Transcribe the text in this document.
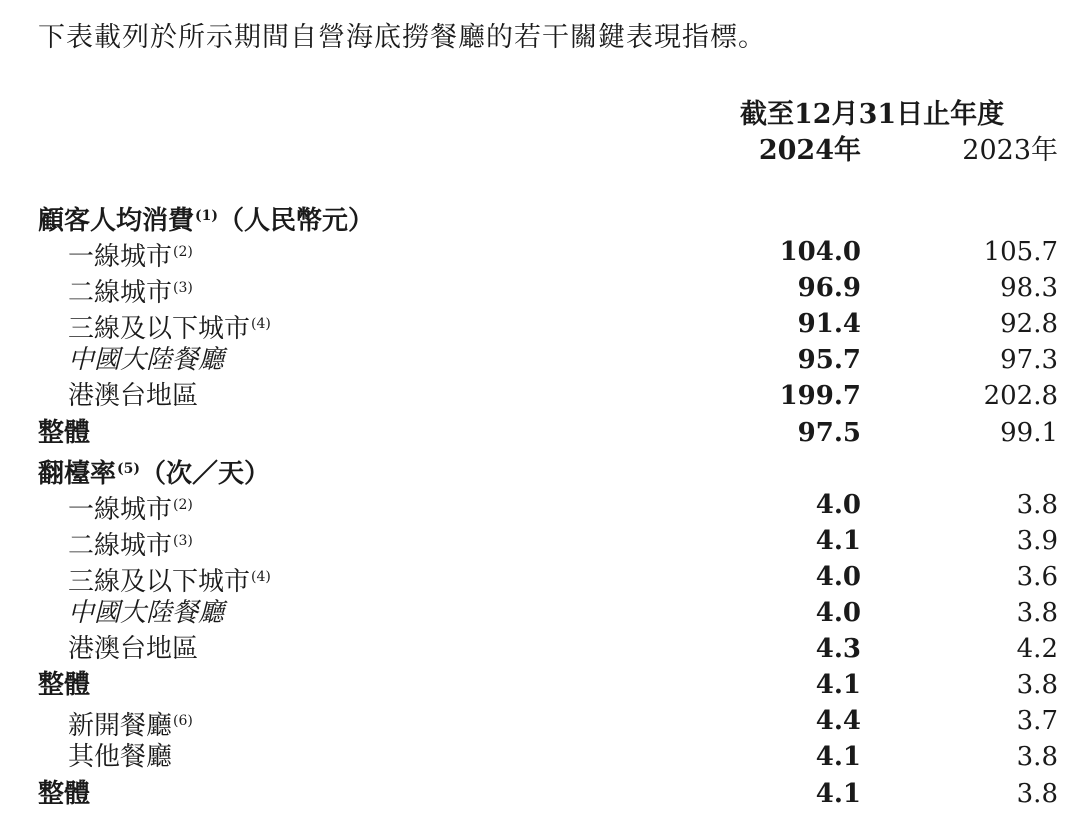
下表載列於所示期間自營海底撈餐廳的若干關鍵表現指標。
截至12月31日止年度
2024年	2023年
顧客人均消費$^{(1)}$（人民幣元）
一線城市$^{(2)}$	104.0	105.7
二線城市$^{(3)}$	96.9	98.3
三線及以下城市$^{(4)}$	91.4	92.8
中國大陸餐廳	95.7	97.3
港澳台地區	199.7	202.8
整體	97.5	99.1
翻檯率$^{(5)}$（次／天）
一線城市$^{(2)}$	4.0	3.8
二線城市$^{(3)}$	4.1	3.9
三線及以下城市$^{(4)}$	4.0	3.6
中國大陸餐廳	4.0	3.8
港澳台地區	4.3	4.2
整體	4.1	3.8
新開餐廳$^{(6)}$	4.4	3.7
其他餐廳	4.1	3.8
整體	4.1	3.8
